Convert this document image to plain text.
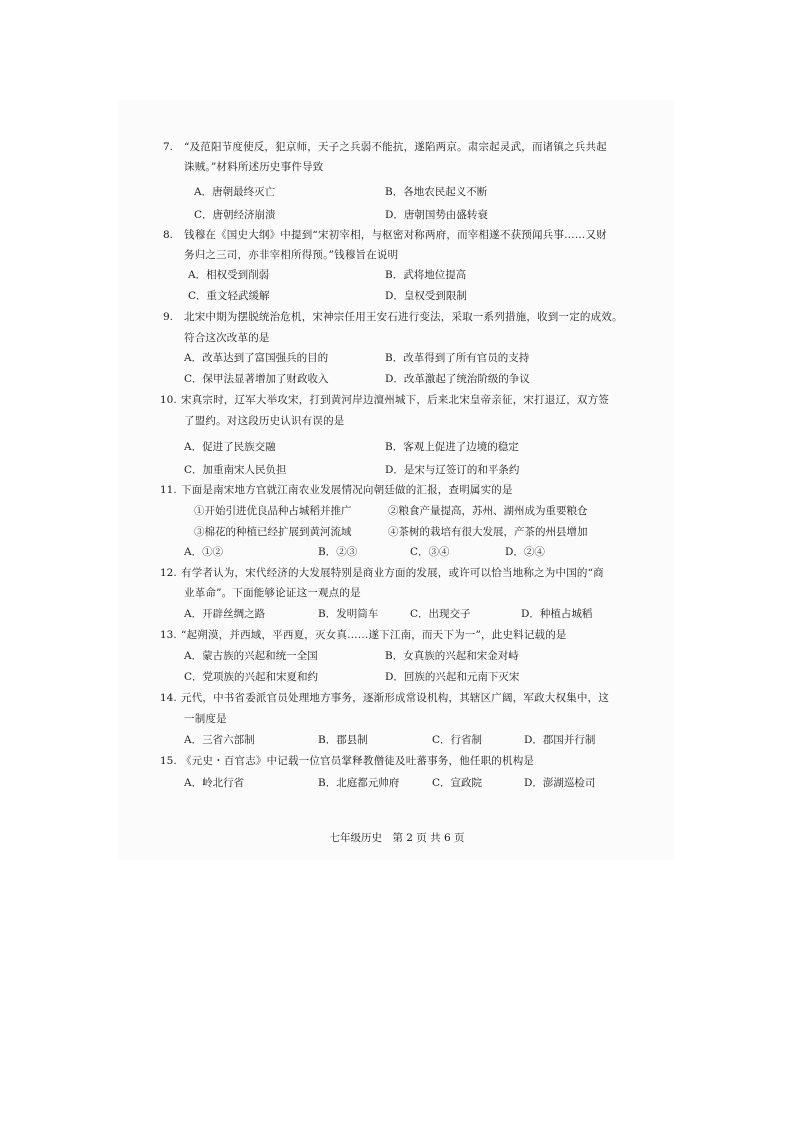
7. “及范阳节度使反，犯京师，天子之兵弱不能抗，遂陷两京。肃宗起灵武，而诸镇之兵共起
诛贼。”材料所述历史事件导致
A．唐朝最终灭亡	B．各地农民起义不断
C．唐朝经济崩溃	D．唐朝国势由盛转衰
8. 钱穆在《国史大纲》中提到“宋初宰相，与枢密对称两府，而宰相遂不获预闻兵事……又财
务归之三司，亦非宰相所得预。”钱穆旨在说明
A．相权受到削弱	B．武将地位提高
C．重文轻武缓解	D．皇权受到限制
9. 北宋中期为摆脱统治危机，宋神宗任用王安石进行变法，采取一系列措施，收到一定的成效。
符合这次改革的是
A．改革达到了富国强兵的目的	B．改革得到了所有官员的支持
C．保甲法显著增加了财政收入	D．改革激起了统治阶级的争议
10. 宋真宗时，辽军大举攻宋，打到黄河岸边澶州城下，后来北宋皇帝亲征，宋打退辽，双方签
了盟约。对这段历史认识有误的是
A．促进了民族交融	B．客观上促进了边境的稳定
C．加重南宋人民负担	D．是宋与辽签订的和平条约
11. 下面是南宋地方官就江南农业发展情况向朝廷做的汇报，查明属实的是
①开始引进优良品种占城稻并推广	②粮食产量提高，苏州、湖州成为重要粮仓
③棉花的种植已经扩展到黄河流域	④茶树的栽培有很大发展，产茶的州县增加
A．①②	B．②③	C．③④	D．②④
12. 有学者认为，宋代经济的大发展特别是商业方面的发展，或许可以恰当地称之为中国的“商
业革命”。下面能够论证这一观点的是
A．开辟丝绸之路	B．发明筒车	C．出现交子	D．种植占城稻
13. “起朔漠，并西域，平西夏，灭女真……遂下江南，而天下为一”，此史料记载的是
A．蒙古族的兴起和统一全国	B．女真族的兴起和宋金对峙
C．党项族的兴起和宋夏和约	D．回族的兴起和元南下灭宋
14. 元代，中书省委派官员处理地方事务，逐渐形成常设机构，其辖区广阔，军政大权集中，这
一制度是
A．三省六部制	B．郡县制	C．行省制	D．郡国并行制
15. 《元史・百官志》中记载一位官员掌释教僧徒及吐蕃事务，他任职的机构是
A．岭北行省	B．北庭都元帅府	C．宣政院	D．澎湖巡检司
七年级历史　第 2 页 共 6 页
